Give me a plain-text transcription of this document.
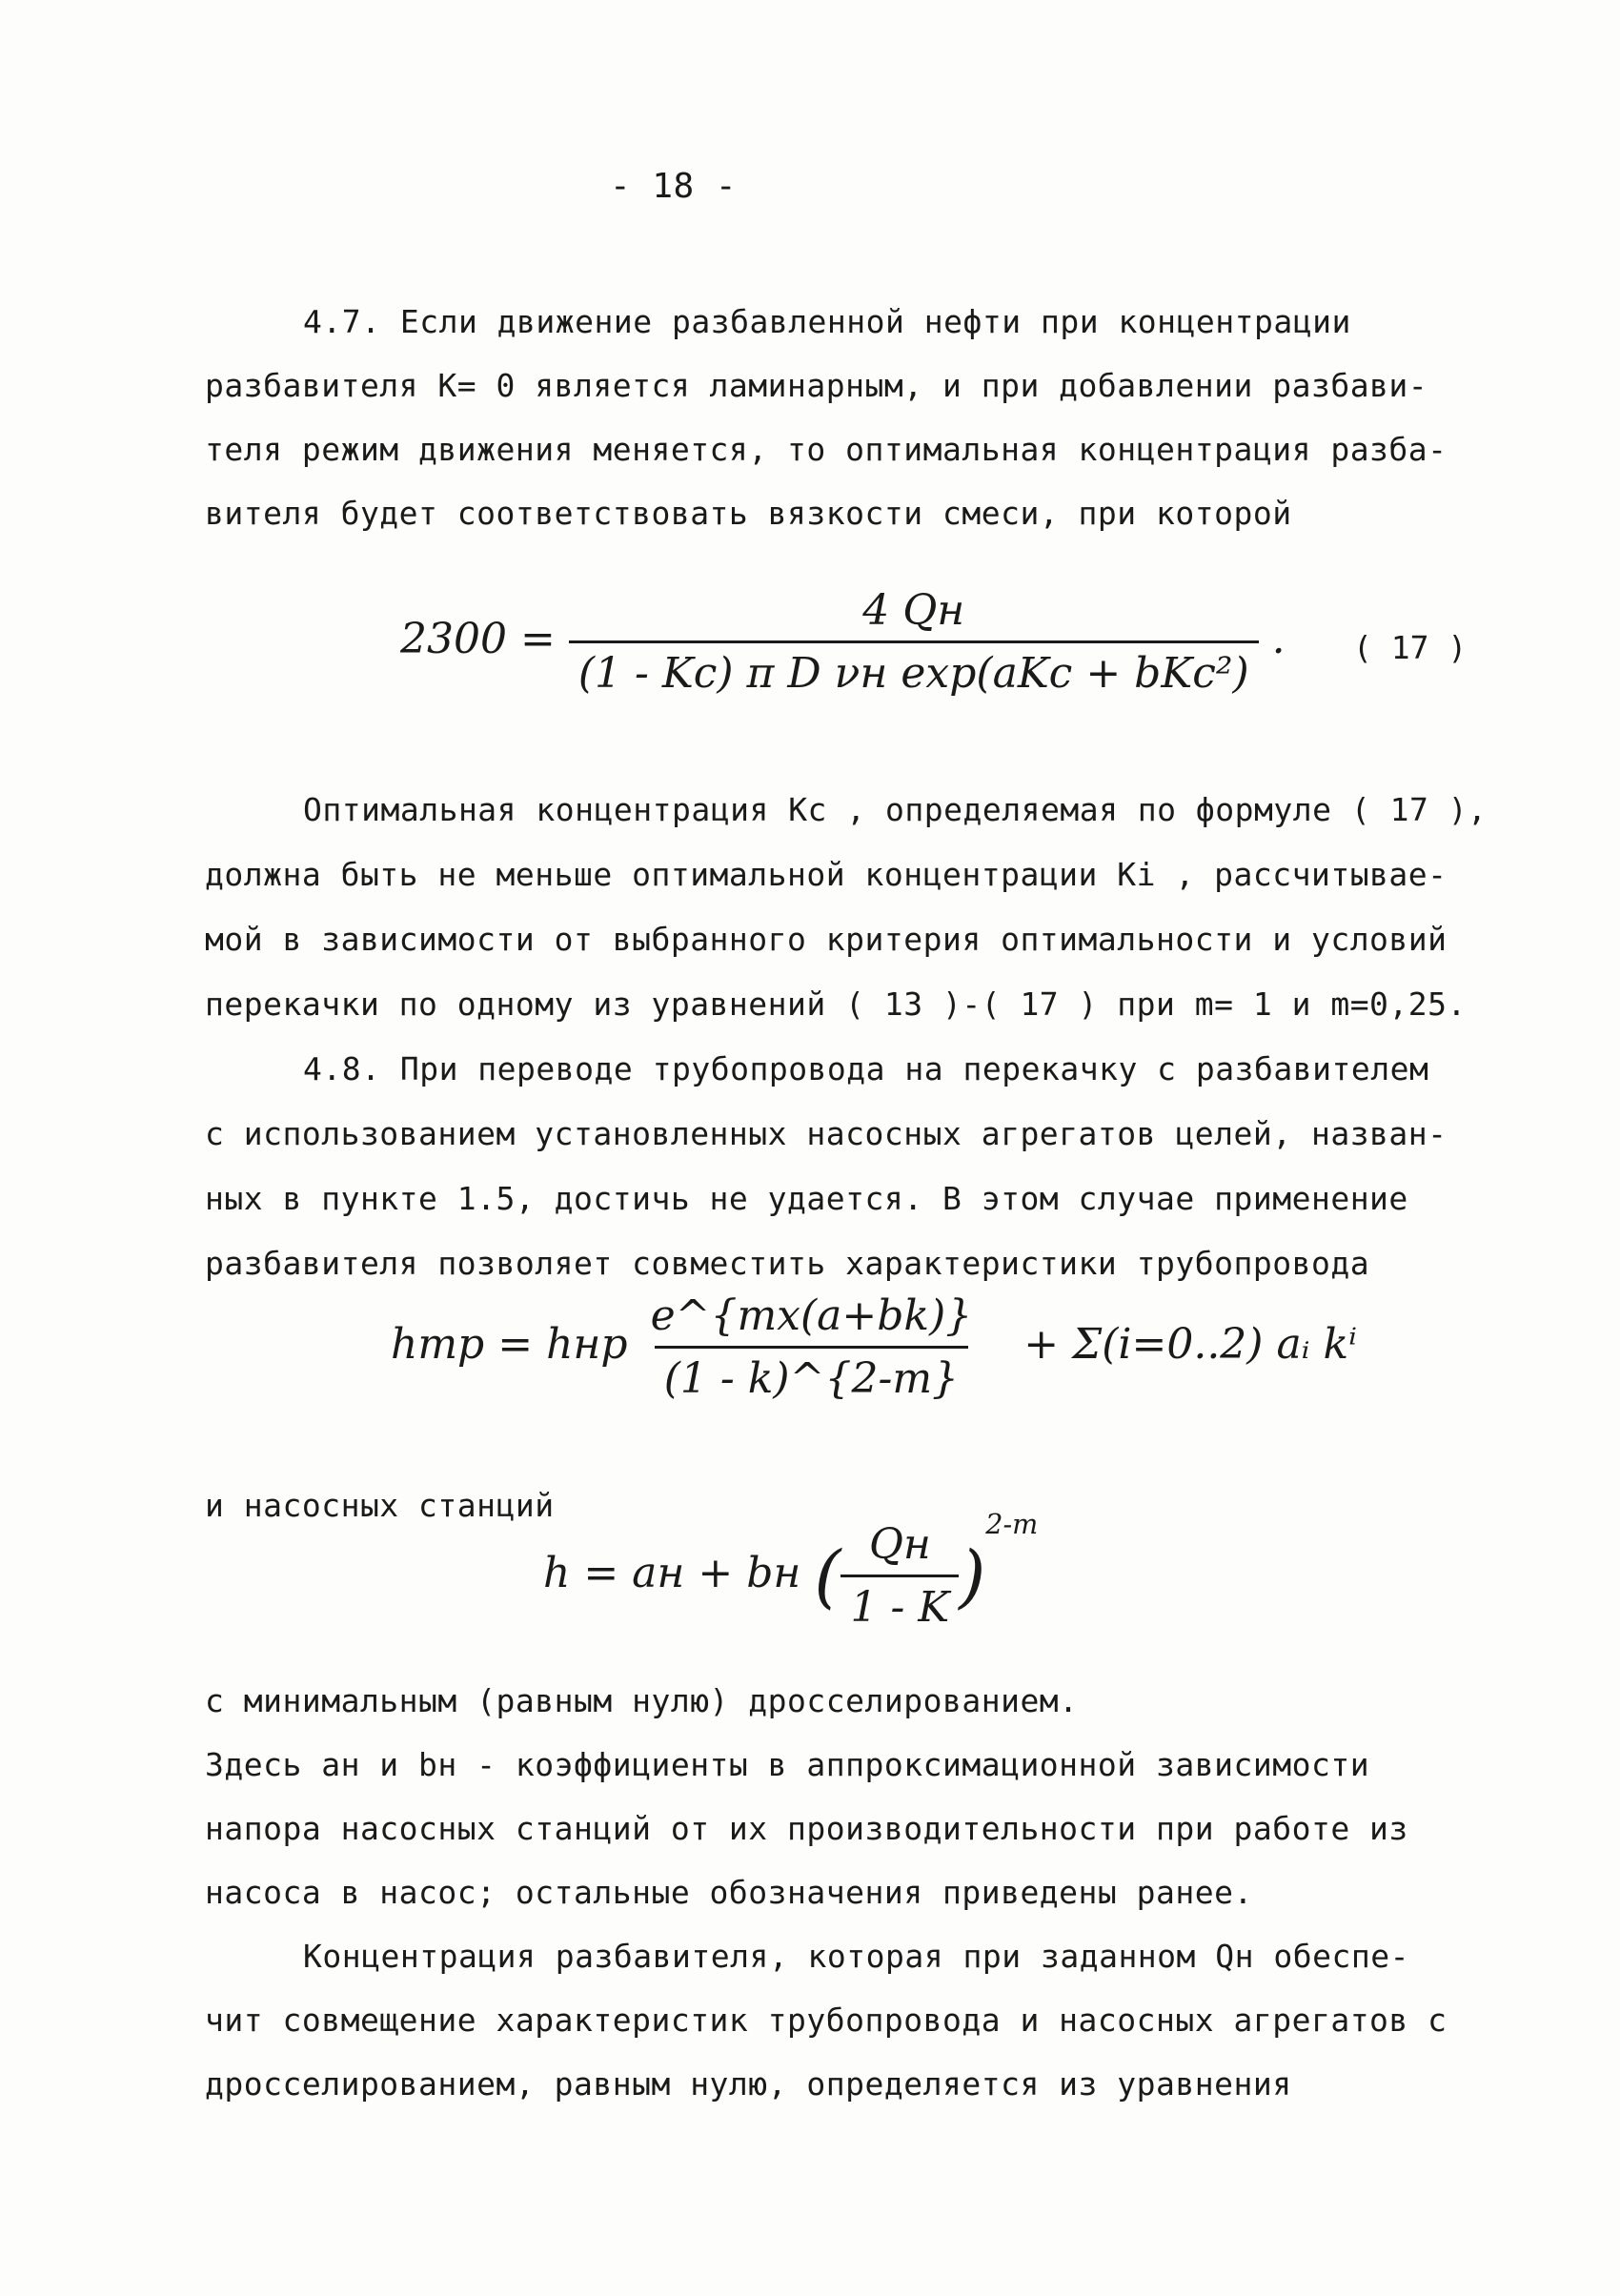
- 18 -
4.7. Если движение разбавленной нефти при концентрации
разбавителя K= 0 является ламинарным, и при добавлении разбави-
теля режим движения меняется, то оптимальная концентрация разба-
вителя будет соответствовать вязкости смеси, при которой
$2300 = \frac{4 Qн}{\text{(1 - Kc) π D νн exp(aKc + bKc²)}}$ . ( 17 )
Оптимальная концентрация Kc , определяемая по формуле ( 17 ),
должна быть не меньше оптимальной концентрации Ki , рассчитывае-
мой в зависимости от выбранного критерия оптимальности и условий
перекачки по одному из уравнений ( 13 )-( 17 ) при m= 1 и m=0,25.
4.8. При переводе трубопровода на перекачку с разбавителем
с использованием установленных насосных агрегатов целей, назван-
ных в пункте 1.5, достичь не удается. В этом случае применение
разбавителя позволяет совместить характеристики трубопровода
hтр = hнр $\frac{e\^{}\{mx(a+bk)\}}{(1 - k)\^{}\{2-m\}} + \Sigma(i=0..2)$ aᵢ kⁱ
и насосных станций
h = aн + bн ( $\frac{Qн}{1 - K} )^{2-m}$
с минимальным (равным нулю) дросселированием.
Здесь aн и bн - коэффициенты в аппроксимационной зависимости
напора насосных станций от их производительности при работе из
насоса в насос; остальные обозначения приведены ранее.
Концентрация разбавителя, которая при заданном Qн обеспе-
чит совмещение характеристик трубопровода и насосных агрегатов с
дросселированием, равным нулю, определяется из уравнения
